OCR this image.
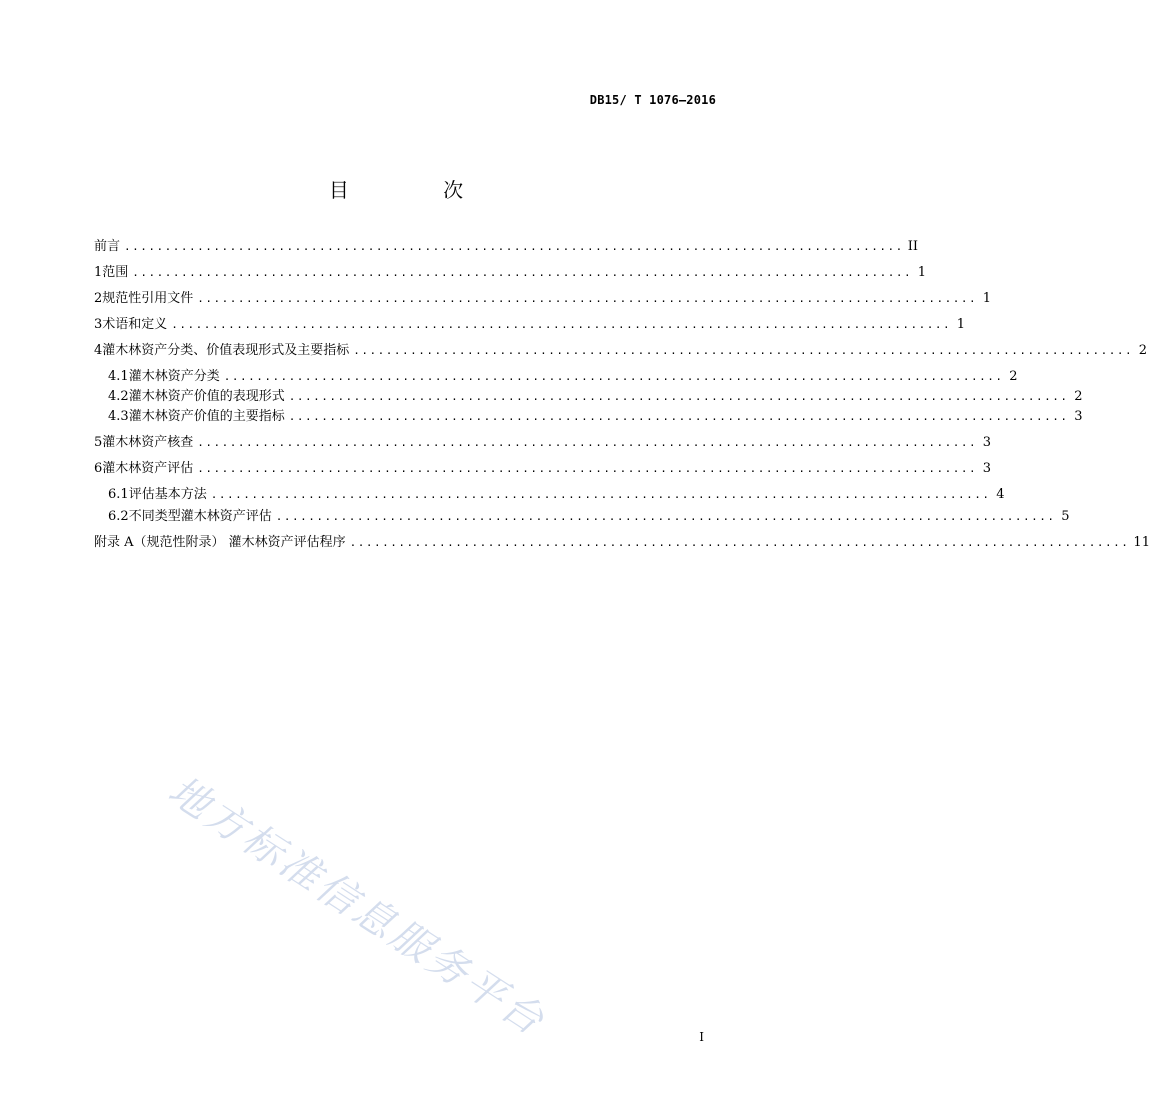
DB15/ T 1076—2016
目 次
前言 ................................................................................................ II
1 范围 ................................................................................................ 1
2 规范性引用文件 ................................................................................................ 1
3 术语和定义 ................................................................................................ 1
4 灌木林资产分类、价值表现形式及主要指标 ................................................................................................ 2
4.1 灌木林资产分类 ................................................................................................ 2
4.2 灌木林资产价值的表现形式 ................................................................................................ 2
4.3 灌木林资产价值的主要指标 ................................................................................................ 3
5 灌木林资产核查 ................................................................................................ 3
6 灌木林资产评估 ................................................................................................ 3
6.1 评估基本方法 ................................................................................................ 4
6.2 不同类型灌木林资产评估 ................................................................................................ 5
附录 A（规范性附录） 灌木林资产评估程序 ................................................................................................ 11
地方标准信息服务平台	I
